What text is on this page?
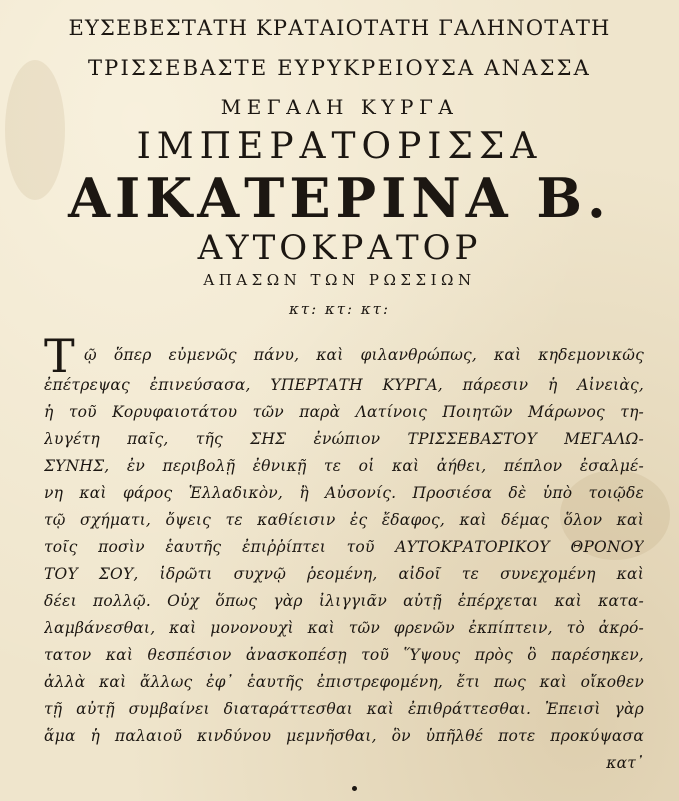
ΕΥΣΕΒΕΣΤΑΤΗ ΚΡΑΤΑΙΟΤΑΤΗ ΓΑΛΗΝΟΤΑΤΗ
ΤΡΙΣΣΕΒΑΣΤΕ ΕΥΡΥΚΡΕΙΟΥΣΑ ΑΝΑΣΣΑ
ΜΕΓΑΛΗ ΚΥΡΓΑ
ΙΜΠΕΡΑΤΟΡΙΣΣΑ
ΑΙΚΑΤΕΡΙΝΑ Β.
ΑΥΤΟΚΡΑΤΟΡ
ΑΠΑΣΩΝ ΤΩΝ ΡΩΣΣΙΩΝ
κτ: κτ: κτ:
Τ ῷ ὅπερ εὐμενῶς πάνυ, καὶ φιλανθρώπως, καὶ κηδεμονικῶς
ἐπέτρεψας ἐπινεύσασα, ΥΠΕΡΤΑΤΗ ΚΥΡΓΑ, πάρεσιν ἡ Αἰνειὰς,
ἡ τοῦ Κορυφαιοτάτου τῶν παρὰ Λατίνοις Ποιητῶν Μάρωνος τη-
λυγέτη παῖς, τῆς ΣΗΣ ἐνώπιον ΤΡΙΣΣΕΒΑΣΤΟΥ ΜΕΓΑΛΩ-
ΣΥΝΗΣ, ἐν περιβολῇ ἐθνικῇ τε οἱ καὶ ἀήθει, πέπλον ἐσαλμέ-
νη καὶ φάρος Ἑλλαδικὸν, ἢ Αὐσονίς. Προσιέσα δὲ ὑπὸ τοιῷδε
τῷ σχήματι, ὄψεις τε καθίεισιν ἐς ἔδαφος, καὶ δέμας ὅλον καὶ
τοῖς ποσὶν ἑαυτῆς ἐπιῤῥίπτει τοῦ ΑΥΤΟΚΡΑΤΟΡΙΚΟΥ ΘΡΟΝΟΥ
ΤΟΥ ΣΟΥ, ἱδρῶτι συχνῷ ῥεομένη, αἰδοῖ τε συνεχομένη καὶ
δέει πολλῷ. Οὐχ ὅπως γὰρ ἰλιγγιᾶν αὐτῇ ἐπέρχεται καὶ κατα-
λαμβάνεσθαι, καὶ μονονουχὶ καὶ τῶν φρενῶν ἐκπίπτειν, τὸ ἀκρό-
τατον καὶ θεσπέσιον ἀνασκοπέσῃ τοῦ Ὕψους πρὸς ὃ παρέσηκεν,
ἀλλὰ καὶ ἄλλως ἐφ᾽ ἑαυτῆς ἐπιστρεφομένη, ἔτι πως καὶ οἴκοθεν
τῇ αὐτῇ συμβαίνει διαταράττεσθαι καὶ ἐπιθράττεσθαι. Ἐπεισὶ γὰρ
ἅμα ἡ παλαιοῦ κινδύνου μεμνῆσθαι, ὃν ὑπῆλθέ ποτε προκύψασα
κατ᾽
